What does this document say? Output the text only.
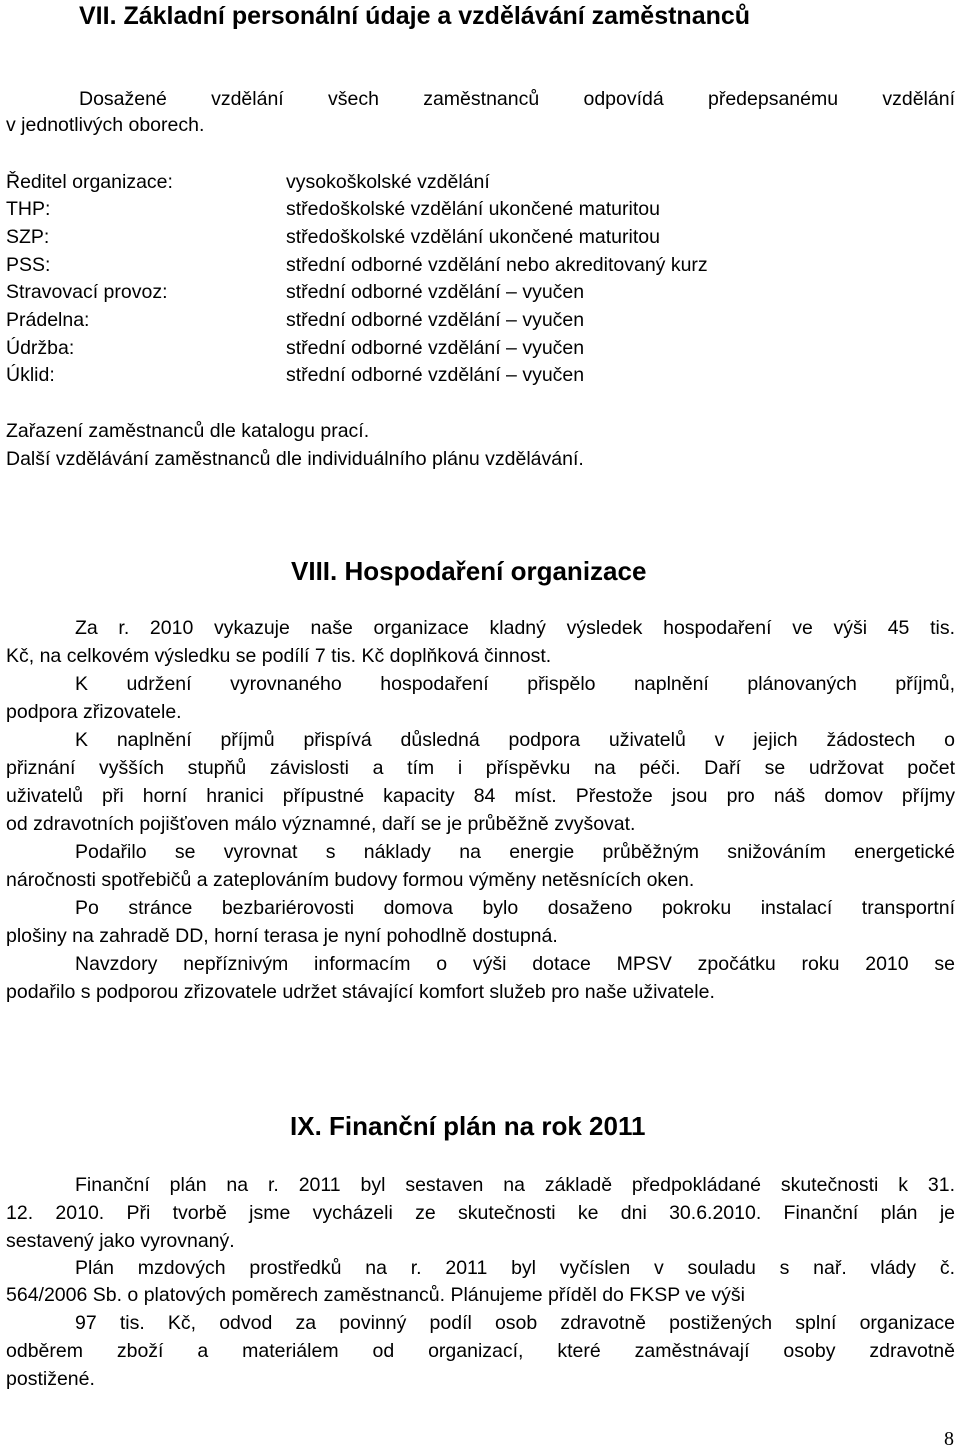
VII. Základní personální údaje a vzdělávání zaměstnanců
Dosažené vzdělání všech zaměstnanců odpovídá předepsanému vzdělání
v jednotlivých oborech.
Ředitel organizace:	vysokoškolské vzdělání
THP:	středoškolské vzdělání ukončené maturitou
SZP:	středoškolské vzdělání ukončené maturitou
PSS:	střední odborné vzdělání nebo akreditovaný kurz
Stravovací provoz:	střední odborné vzdělání – vyučen
Prádelna:	střední odborné vzdělání – vyučen
Údržba:	střední odborné vzdělání – vyučen
Úklid:	střední odborné vzdělání – vyučen
Zařazení zaměstnanců dle katalogu prací.
Další vzdělávání zaměstnanců dle individuálního plánu vzdělávání.
VIII. Hospodaření organizace
Za r. 2010 vykazuje naše organizace kladný výsledek hospodaření ve výši 45 tis.
Kč, na celkovém výsledku se podílí 7 tis. Kč doplňková činnost.
K udržení vyrovnaného hospodaření přispělo naplnění plánovaných příjmů,
podpora zřizovatele.
K naplnění příjmů přispívá důsledná podpora uživatelů v jejich žádostech o
přiznání vyšších stupňů závislosti a tím i příspěvku na péči. Daří se udržovat počet
uživatelů při horní hranici přípustné kapacity 84 míst. Přestože jsou pro náš domov příjmy
od zdravotních pojišťoven málo významné, daří se je průběžně zvyšovat.
Podařilo se vyrovnat s náklady na energie průběžným snižováním energetické
náročnosti spotřebičů a zateplováním budovy formou výměny netěsnících oken.
Po stránce bezbariérovosti domova bylo dosaženo pokroku instalací transportní
plošiny na zahradě DD, horní terasa je nyní pohodlně dostupná.
Navzdory nepříznivým informacím o výši dotace MPSV zpočátku roku 2010 se
podařilo s podporou zřizovatele udržet stávající komfort služeb pro naše uživatele.
IX. Finanční plán na rok 2011
Finanční plán na r. 2011 byl sestaven na základě předpokládané skutečnosti k 31.
12. 2010. Při tvorbě jsme vycházeli ze skutečnosti ke dni 30.6.2010. Finanční plán je
sestavený jako vyrovnaný.
Plán mzdových prostředků na r. 2011 byl vyčíslen v souladu s nař. vlády č.
564/2006 Sb. o platových poměrech zaměstnanců. Plánujeme příděl do FKSP ve výši
97 tis. Kč, odvod za povinný podíl osob zdravotně postižených splní organizace
odběrem zboží a materiálem od organizací, které zaměstnávají osoby zdravotně
postižené.
8
